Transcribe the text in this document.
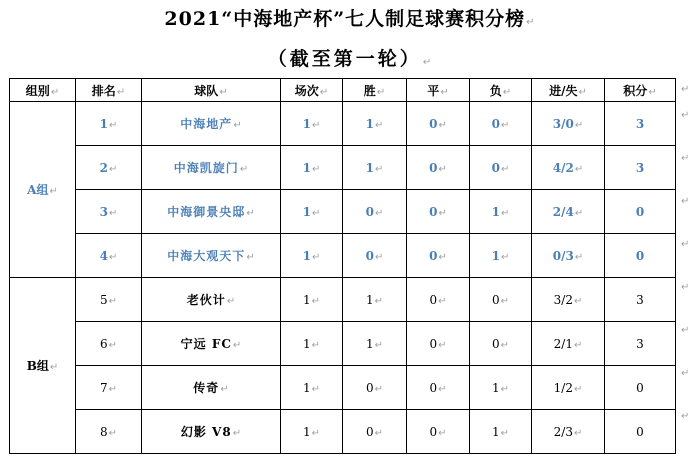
2021“中海地产杯”七人制足球赛积分榜↵
（截至第一轮）↵
组别↵	排名↵	球队↵	场次↵	胜↵	平↵	负↵	进/失↵	积分↵
A组↵	1↵	中海地产↵	1↵	1↵	0↵	0↵	3/0↵	3
	2↵	中海凯旋门↵	1↵	1↵	0↵	0↵	4/2↵	3
	3↵	中海御景央邸↵	1↵	0↵	0↵	1↵	2/4↵	0
	4↵	中海大观天下↵	1↵	0↵	0↵	1↵	0/3↵	0
B组↵	5↵	老伙计↵	1↵	1↵	0↵	0↵	3/2↵	3
	6↵	宁远 FC↵	1↵	1↵	0↵	0↵	2/1↵	3
	7↵	传奇↵	1↵	0↵	0↵	1↵	1/2↵	0
	8↵	幻影 V8↵	1↵	0↵	0↵	1↵	2/3↵	0
↵
↵
↵
↵
↵
↵
↵
↵
↵
